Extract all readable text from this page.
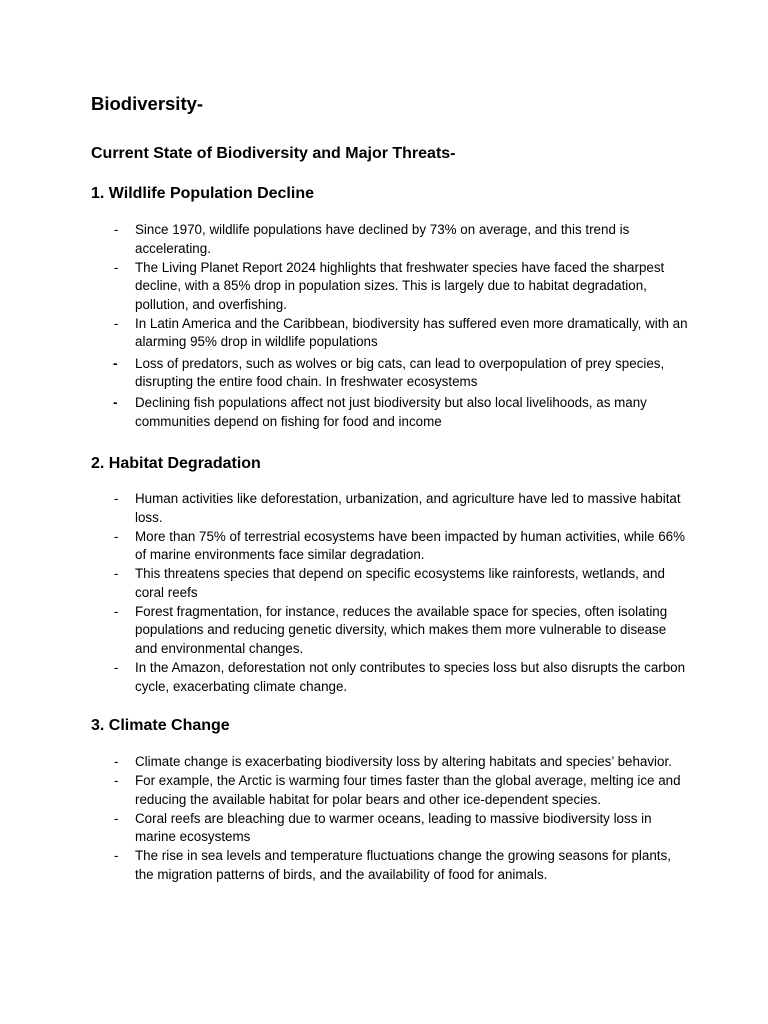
Biodiversity-
Current State of Biodiversity and Major Threats-
1. Wildlife Population Decline
- Since 1970, wildlife populations have declined by 73% on average, and this trend is accelerating.
- The Living Planet Report 2024 highlights that freshwater species have faced the sharpest decline, with a 85% drop in population sizes. This is largely due to habitat degradation, pollution, and overfishing.
- In Latin America and the Caribbean, biodiversity has suffered even more dramatically, with an alarming 95% drop in wildlife populations
- Loss of predators, such as wolves or big cats, can lead to overpopulation of prey species, disrupting the entire food chain. In freshwater ecosystems
- Declining fish populations affect not just biodiversity but also local livelihoods, as many communities depend on fishing for food and income
2. Habitat Degradation
- Human activities like deforestation, urbanization, and agriculture have led to massive habitat loss.
- More than 75% of terrestrial ecosystems have been impacted by human activities, while 66% of marine environments face similar degradation.
- This threatens species that depend on specific ecosystems like rainforests, wetlands, and coral reefs
- Forest fragmentation, for instance, reduces the available space for species, often isolating populations and reducing genetic diversity, which makes them more vulnerable to disease and environmental changes.
- In the Amazon, deforestation not only contributes to species loss but also disrupts the carbon cycle, exacerbating climate change.
3. Climate Change
- Climate change is exacerbating biodiversity loss by altering habitats and species’ behavior.
- For example, the Arctic is warming four times faster than the global average, melting ice and reducing the available habitat for polar bears and other ice-dependent species.
- Coral reefs are bleaching due to warmer oceans, leading to massive biodiversity loss in marine ecosystems
- The rise in sea levels and temperature fluctuations change the growing seasons for plants, the migration patterns of birds, and the availability of food for animals.
